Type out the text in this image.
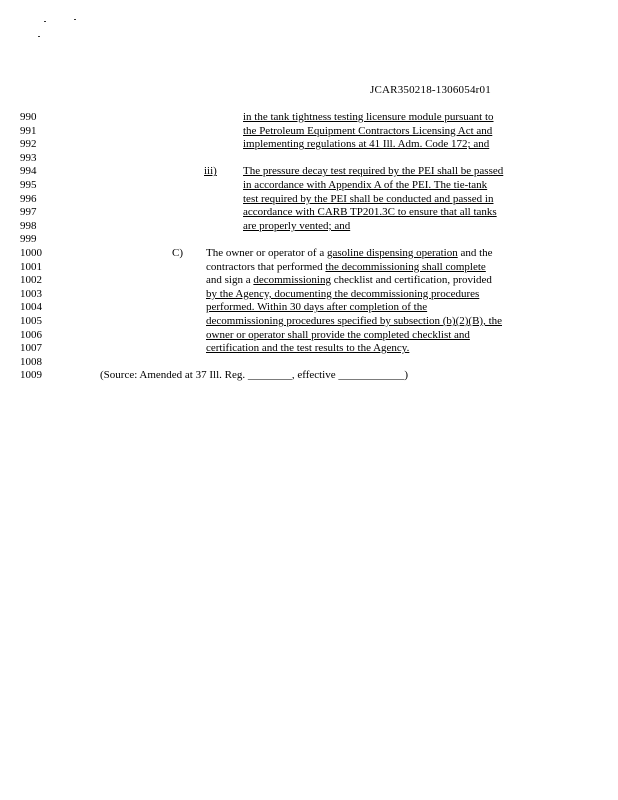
JCAR350218-1306054r01
990	in the tank tightness testing licensure module pursuant to
991	the Petroleum Equipment Contractors Licensing Act and
992	implementing regulations at 41 Ill. Adm. Code 172; and
993
994	iii) The pressure decay test required by the PEI shall be passed
995	in accordance with Appendix A of the PEI. The tie-tank
996	test required by the PEI shall be conducted and passed in
997	accordance with CARB TP201.3C to ensure that all tanks
998	are properly vented; and
999
1000	C) The owner or operator of a gasoline dispensing operation and the
1001	contractors that performed the decommissioning shall complete
1002	and sign a decommissioning checklist and certification, provided
1003	by the Agency, documenting the decommissioning procedures
1004	performed. Within 30 days after completion of the
1005	decommissioning procedures specified by subsection (b)(2)(B), the
1006	owner or operator shall provide the completed checklist and
1007	certification and the test results to the Agency.
1008
1009	(Source: Amended at 37 Ill. Reg. ________, effective ____________)
